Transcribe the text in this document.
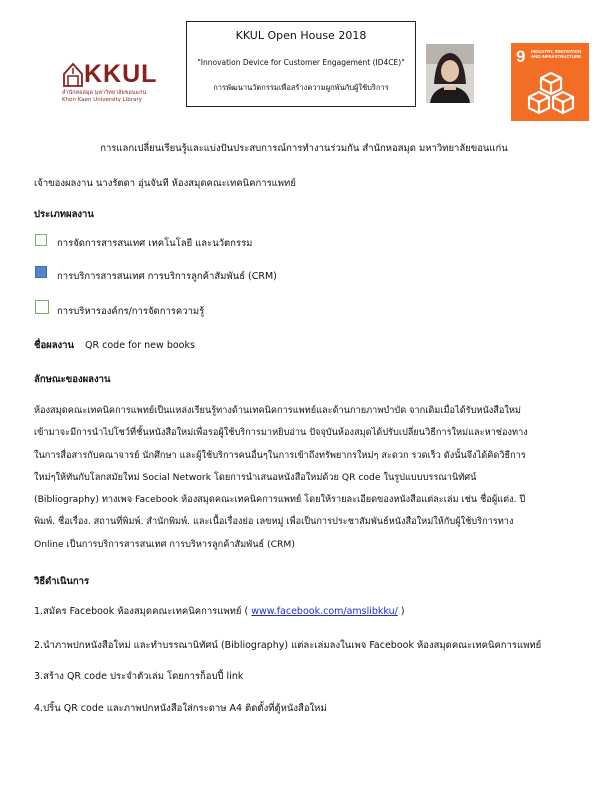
KKUL
สำนักหอสมุด มหาวิทยาลัยขอนแก่น
Khon Kaen University Library
KKUL Open House 2018
"Innovation Device for Customer Engagement (ID4CE)"
การพัฒนานวัตกรรมเพื่อสร้างความผูกพันกับผู้ใช้บริการ
9 INDUSTRY, INNOVATION AND INFRASTRUCTURE
การแลกเปลี่ยนเรียนรู้และแบ่งปันประสบการณ์การทำงานร่วมกัน สำนักหอสมุด มหาวิทยาลัยขอนแก่น
เจ้าของผลงาน นางรัตดา อุ่นจันที ห้องสมุดคณะเทคนิคการแพทย์
ประเภทผลงาน
การจัดการสารสนเทศ เทคโนโลยี และนวัตกรรม
การบริการสารสนเทศ การบริการลูกค้าสัมพันธ์ (CRM)
การบริหารองค์กร/การจัดการความรู้
ชื่อผลงาน QR code for new books
ลักษณะของผลงาน
ห้องสมุดคณะเทคนิคการแพทย์เป็นแหล่งเรียนรู้ทางด้านเทคนิคการแพทย์และด้านกายภาพบำบัด จากเดิมเมื่อได้รับหนังสือใหม่
เข้ามาจะมีการนำไปโชว์ที่ชั้นหนังสือใหม่เพื่อรอผู้ใช้บริการมาหยิบอ่าน ปัจจุบันห้องสมุดได้ปรับเปลี่ยนวิธีการใหม่และหาช่องทาง
ในการสื่อสารกับคณาจารย์ นักศึกษา และผู้ใช้บริการคนอื่นๆในการเข้าถึงทรัพยากรใหม่ๆ สะดวก รวดเร็ว ดังนั้นจึงได้คิดวิธีการ
ใหม่ๆให้ทันกับโลกสมัยใหม่ Social Network โดยการนำเสนอหนังสือใหม่ด้วย QR code ในรูปแบบบรรณานิทัศน์
(Bibliography) ทางเพจ Facebook ห้องสมุดคณะเทคนิคการแพทย์ โดยให้รายละเอียดของหนังสือแต่ละเล่ม เช่น ชื่อผู้แต่ง. ปี
พิมพ์. ชื่อเรื่อง. สถานที่พิมพ์. สำนักพิมพ์. และเนื้อเรื่องย่อ เลขหมู่ เพื่อเป็นการประชาสัมพันธ์หนังสือใหม่ให้กับผู้ใช้บริการทาง
Online เป็นการบริการสารสนเทศ การบริหารลูกค้าสัมพันธ์ (CRM)
วิธีดำเนินการ
1.สมัคร Facebook ห้องสมุดคณะเทคนิคการแพทย์ ( www.facebook.com/amslibkku/ )
2.นำภาพปกหนังสือใหม่ และทำบรรณานิทัศน์ (Bibliography) แต่ละเล่มลงในเพจ Facebook ห้องสมุดคณะเทคนิคการแพทย์
3.สร้าง QR code ประจำตัวเล่ม โดยการก็อบปี้ link
4.ปริ้น QR code และภาพปกหนังสือใส่กระดาษ A4 ติดตั้งที่ตู้หนังสือใหม่
